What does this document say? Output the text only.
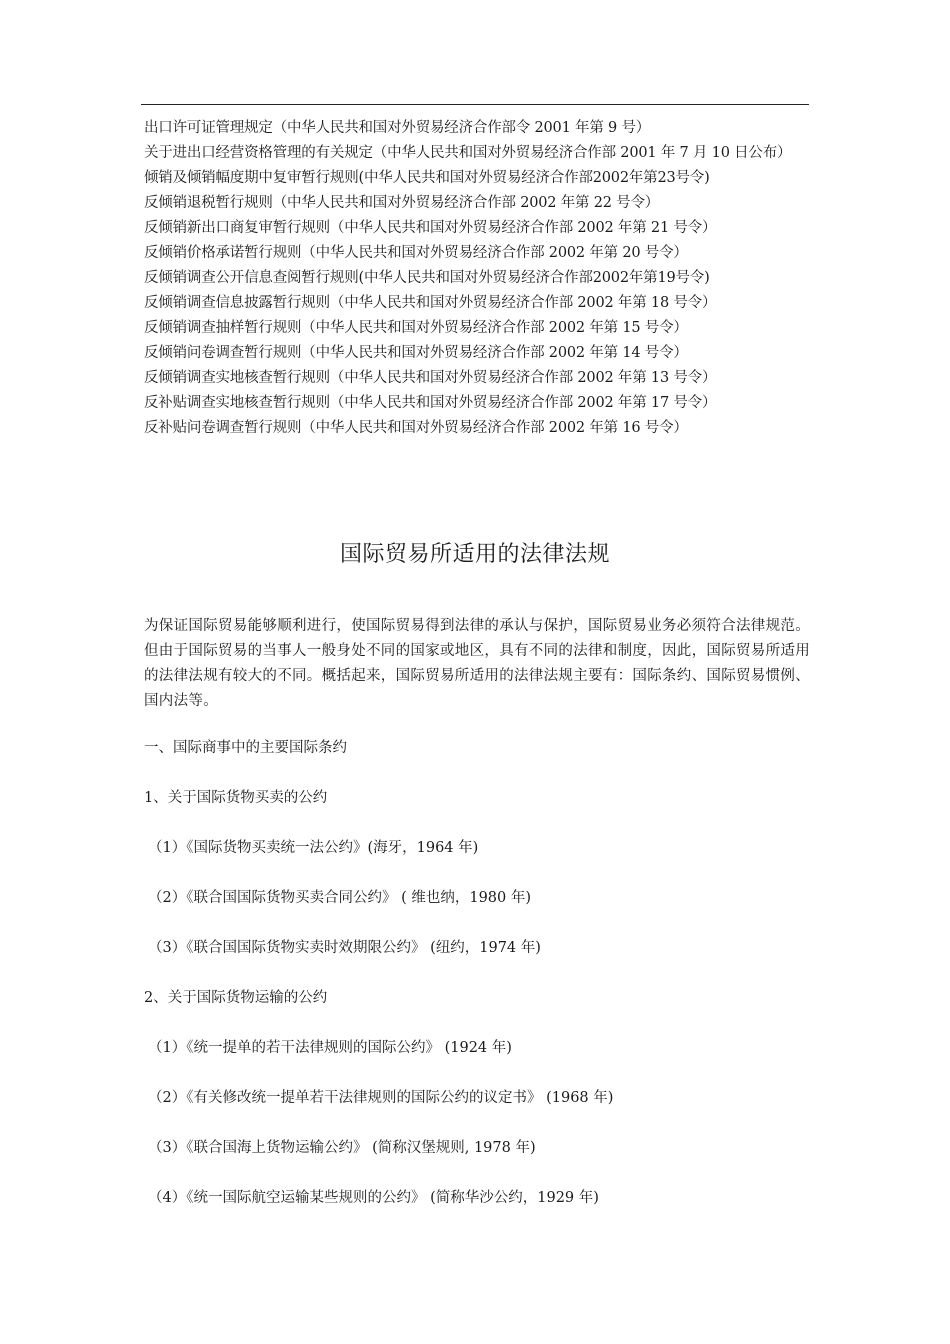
出口许可证管理规定（中华人民共和国对外贸易经济合作部令 2001 年第 9 号）
关于进出口经营资格管理的有关规定（中华人民共和国对外贸易经济合作部 2001 年 7 月 10 日公布）
倾销及倾销幅度期中复审暂行规则(中华人民共和国对外贸易经济合作部2002年第23号令)
反倾销退税暂行规则（中华人民共和国对外贸易经济合作部 2002 年第 22 号令）
反倾销新出口商复审暂行规则（中华人民共和国对外贸易经济合作部 2002 年第 21 号令）
反倾销价格承诺暂行规则（中华人民共和国对外贸易经济合作部 2002 年第 20 号令）
反倾销调查公开信息查阅暂行规则(中华人民共和国对外贸易经济合作部2002年第19号令)
反倾销调查信息披露暂行规则（中华人民共和国对外贸易经济合作部 2002 年第 18 号令）
反倾销调查抽样暂行规则（中华人民共和国对外贸易经济合作部 2002 年第 15 号令）
反倾销问卷调查暂行规则（中华人民共和国对外贸易经济合作部 2002 年第 14 号令）
反倾销调查实地核查暂行规则（中华人民共和国对外贸易经济合作部 2002 年第 13 号令）
反补贴调查实地核查暂行规则（中华人民共和国对外贸易经济合作部 2002 年第 17 号令）
反补贴问卷调查暂行规则（中华人民共和国对外贸易经济合作部 2002 年第 16 号令）
国际贸易所适用的法律法规

为保证国际贸易能够顺利进行，使国际贸易得到法律的承认与保护，国际贸易业务必须符合法律规范。但由于国际贸易的当事人一般身处不同的国家或地区，具有不同的法律和制度，因此，国际贸易所适用的法律法规有较大的不同。概括起来，国际贸易所适用的法律法规主要有：国际条约、国际贸易惯例、国内法等。

一、国际商事中的主要国际条约
1、关于国际货物买卖的公约
（1）《国际货物买卖统一法公约》(海牙，1964 年)
（2）《联合国国际货物买卖合同公约》 ( 维也纳，1980 年)
（3）《联合国国际货物实卖时效期限公约》 (纽约，1974 年)
2、关于国际货物运输的公约
（1）《统一提单的若干法律规则的国际公约》 (1924 年)
（2）《有关修改统一提单若干法律规则的国际公约的议定书》 (1968 年)
（3）《联合国海上货物运输公约》 (简称汉堡规则, 1978 年)
（4）《统一国际航空运输某些规则的公约》 (简称华沙公约，1929 年)
